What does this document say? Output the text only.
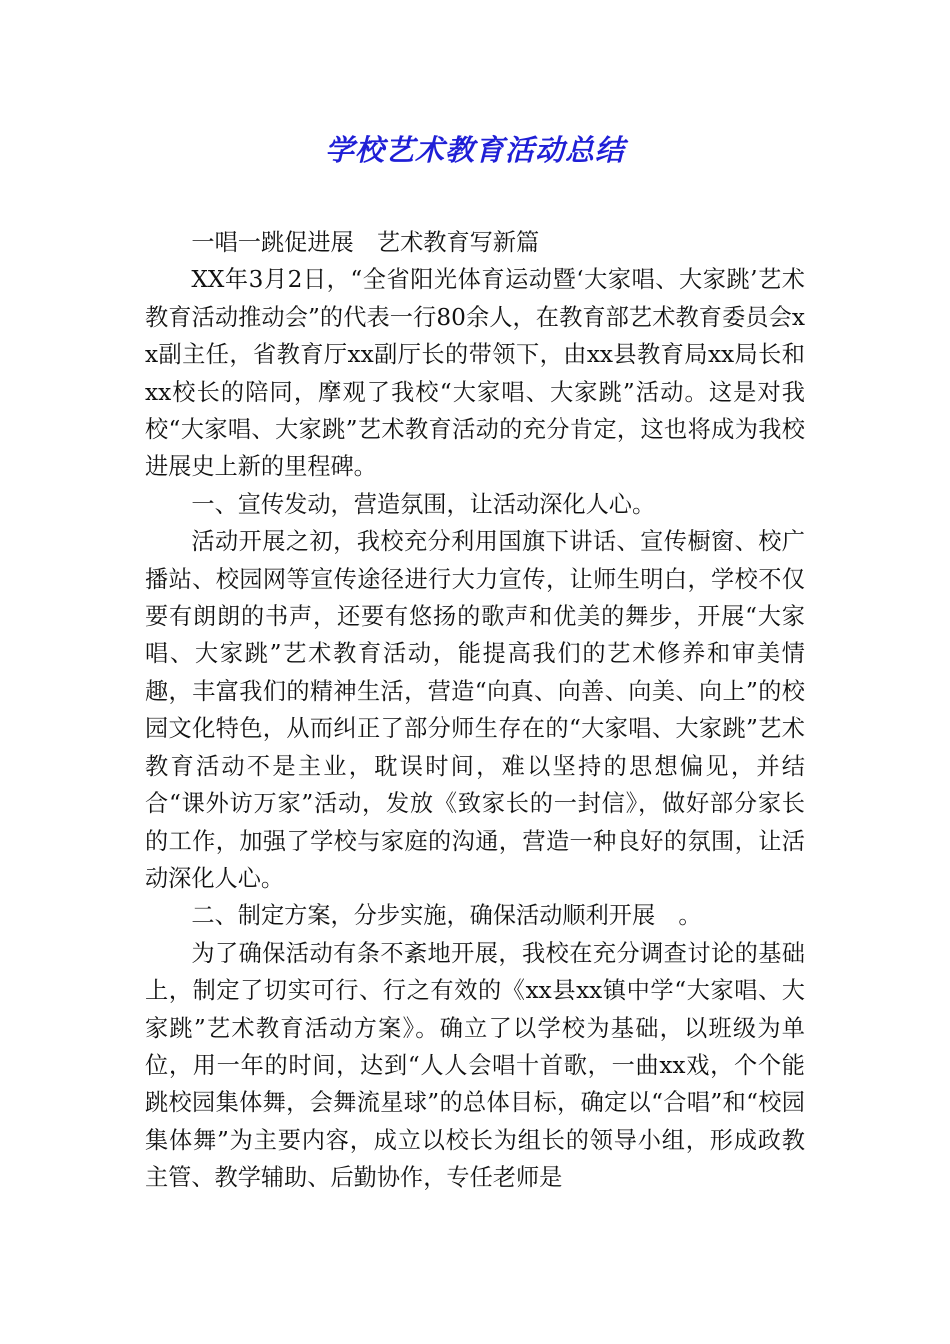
学校艺术教育活动总结

一唱一跳促进展　艺术教育写新篇

XX年3月2日，“全省阳光体育运动暨‘大家唱、大家跳’艺术教育活动推动会”的代表一行80余人，在教育部艺术教育委员会xx副主任，省教育厅xx副厅长的带领下，由xx县教育局xx局长和xx校长的陪同，摩观了我校“大家唱、大家跳”活动。这是对我校“大家唱、大家跳”艺术教育活动的充分肯定，这也将成为我校进展史上新的里程碑。

一、宣传发动，营造氛围，让活动深化人心。

活动开展之初，我校充分利用国旗下讲话、宣传橱窗、校广播站、校园网等宣传途径进行大力宣传，让师生明白，学校不仅要有朗朗的书声，还要有悠扬的歌声和优美的舞步，开展“大家唱、大家跳”艺术教育活动，能提高我们的艺术修养和审美情趣，丰富我们的精神生活，营造“向真、向善、向美、向上”的校园文化特色，从而纠正了部分师生存在的“大家唱、大家跳”艺术教育活动不是主业，耽误时间，难以坚持的思想偏见，并结合“课外访万家”活动，发放《致家长的一封信》，做好部分家长的工作，加强了学校与家庭的沟通，营造一种良好的氛围，让活动深化人心。

二、制定方案，分步实施，确保活动顺利开展　。

为了确保活动有条不紊地开展，我校在充分调查讨论的基础上，制定了切实可行、行之有效的《xx县xx镇中学“大家唱、大家跳”艺术教育活动方案》。确立了以学校为基础，以班级为单位，用一年的时间，达到“人人会唱十首歌，一曲xx戏，个个能跳校园集体舞，会舞流星球”的总体目标，确定以“合唱”和“校园集体舞”为主要内容，成立以校长为组长的领导小组，形成政教主管、教学辅助、后勤协作，专任老师是
